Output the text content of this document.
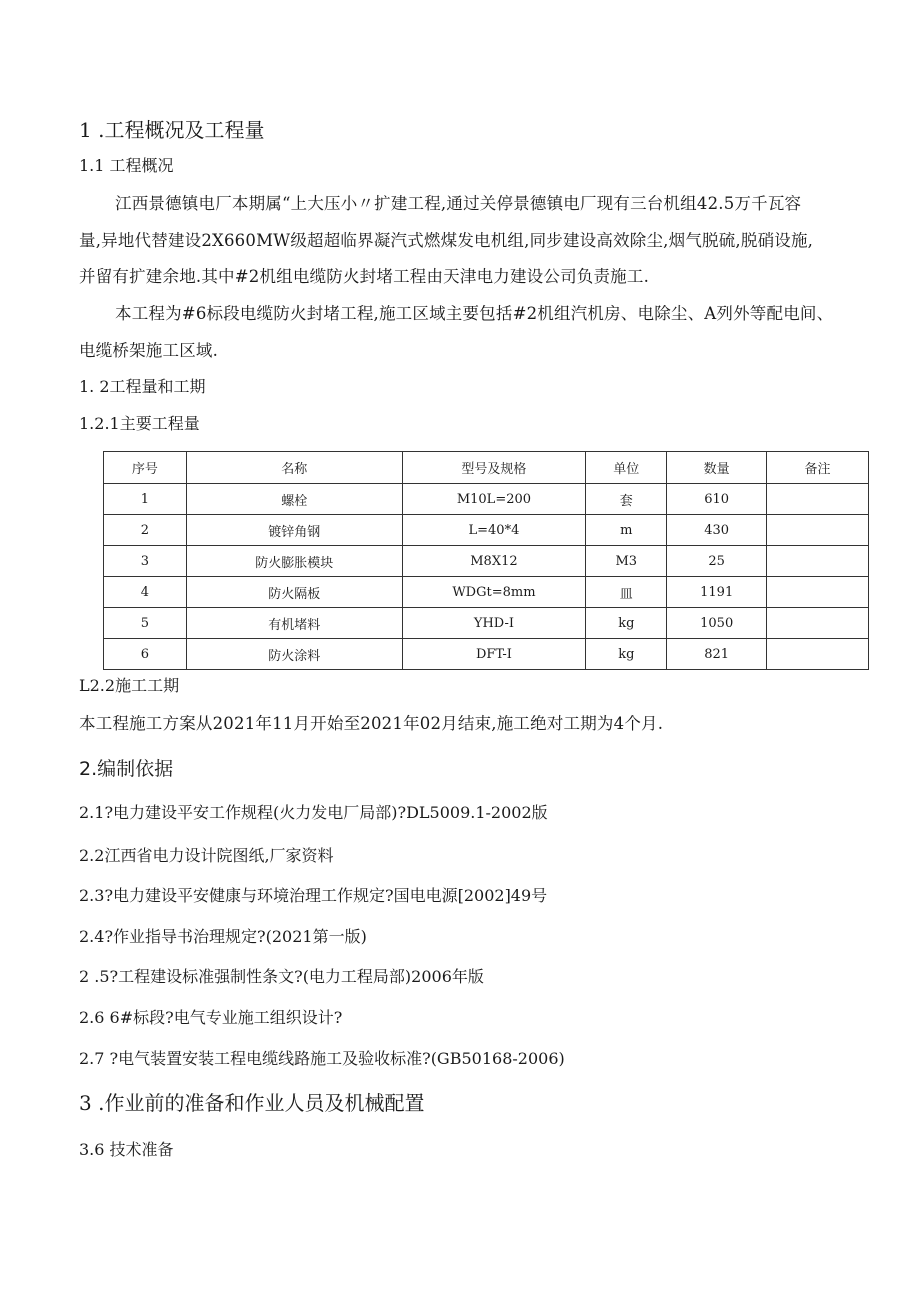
1 .工程概况及工程量
1.1 工程概况
江西景德镇电厂本期属“上大压小〃扩建工程,通过关停景德镇电厂现有三台机组42.5万千瓦容
量,异地代替建设2X660MW级超超临界凝汽式燃煤发电机组,同步建设高效除尘,烟气脱硫,脱硝设施,
并留有扩建余地.其中#2机组电缆防火封堵工程由天津电力建设公司负责施工.
本工程为#6标段电缆防火封堵工程,施工区域主要包括#2机组汽机房、电除尘、A列外等配电间、
电缆桥架施工区域.
1. 2工程量和工期
1.2.1主要工程量
序号	名称	型号及规格	单位	数量	备注
1	螺栓	M10L=200	套	610	
2	镀锌角钢	L=40*4	m	430	
3	防火膨胀模块	M8X12	M3	25	
4	防火隔板	WDGt=8mm	皿	1191	
5	有机堵料	YHD-I	kg	1050	
6	防火涂料	DFT-I	kg	821	
L2.2施工工期
本工程施工方案从2021年11月开始至2021年02月结束,施工绝对工期为4个月.
2.编制依据
2.1?电力建设平安工作规程(火力发电厂局部)?DL5009.1-2002版
2.2江西省电力设计院图纸,厂家资料
2.3?电力建设平安健康与环境治理工作规定?国电电源[2002]49号
2.4?作业指导书治理规定?(2021第一版)
2 .5?工程建设标准强制性条文?(电力工程局部)2006年版
2.6 6#标段?电气专业施工组织设计?
2.7 ?电气装置安装工程电缆线路施工及验收标准?(GB50168-2006)
3 .作业前的准备和作业人员及机械配置
3.6 技术准备
